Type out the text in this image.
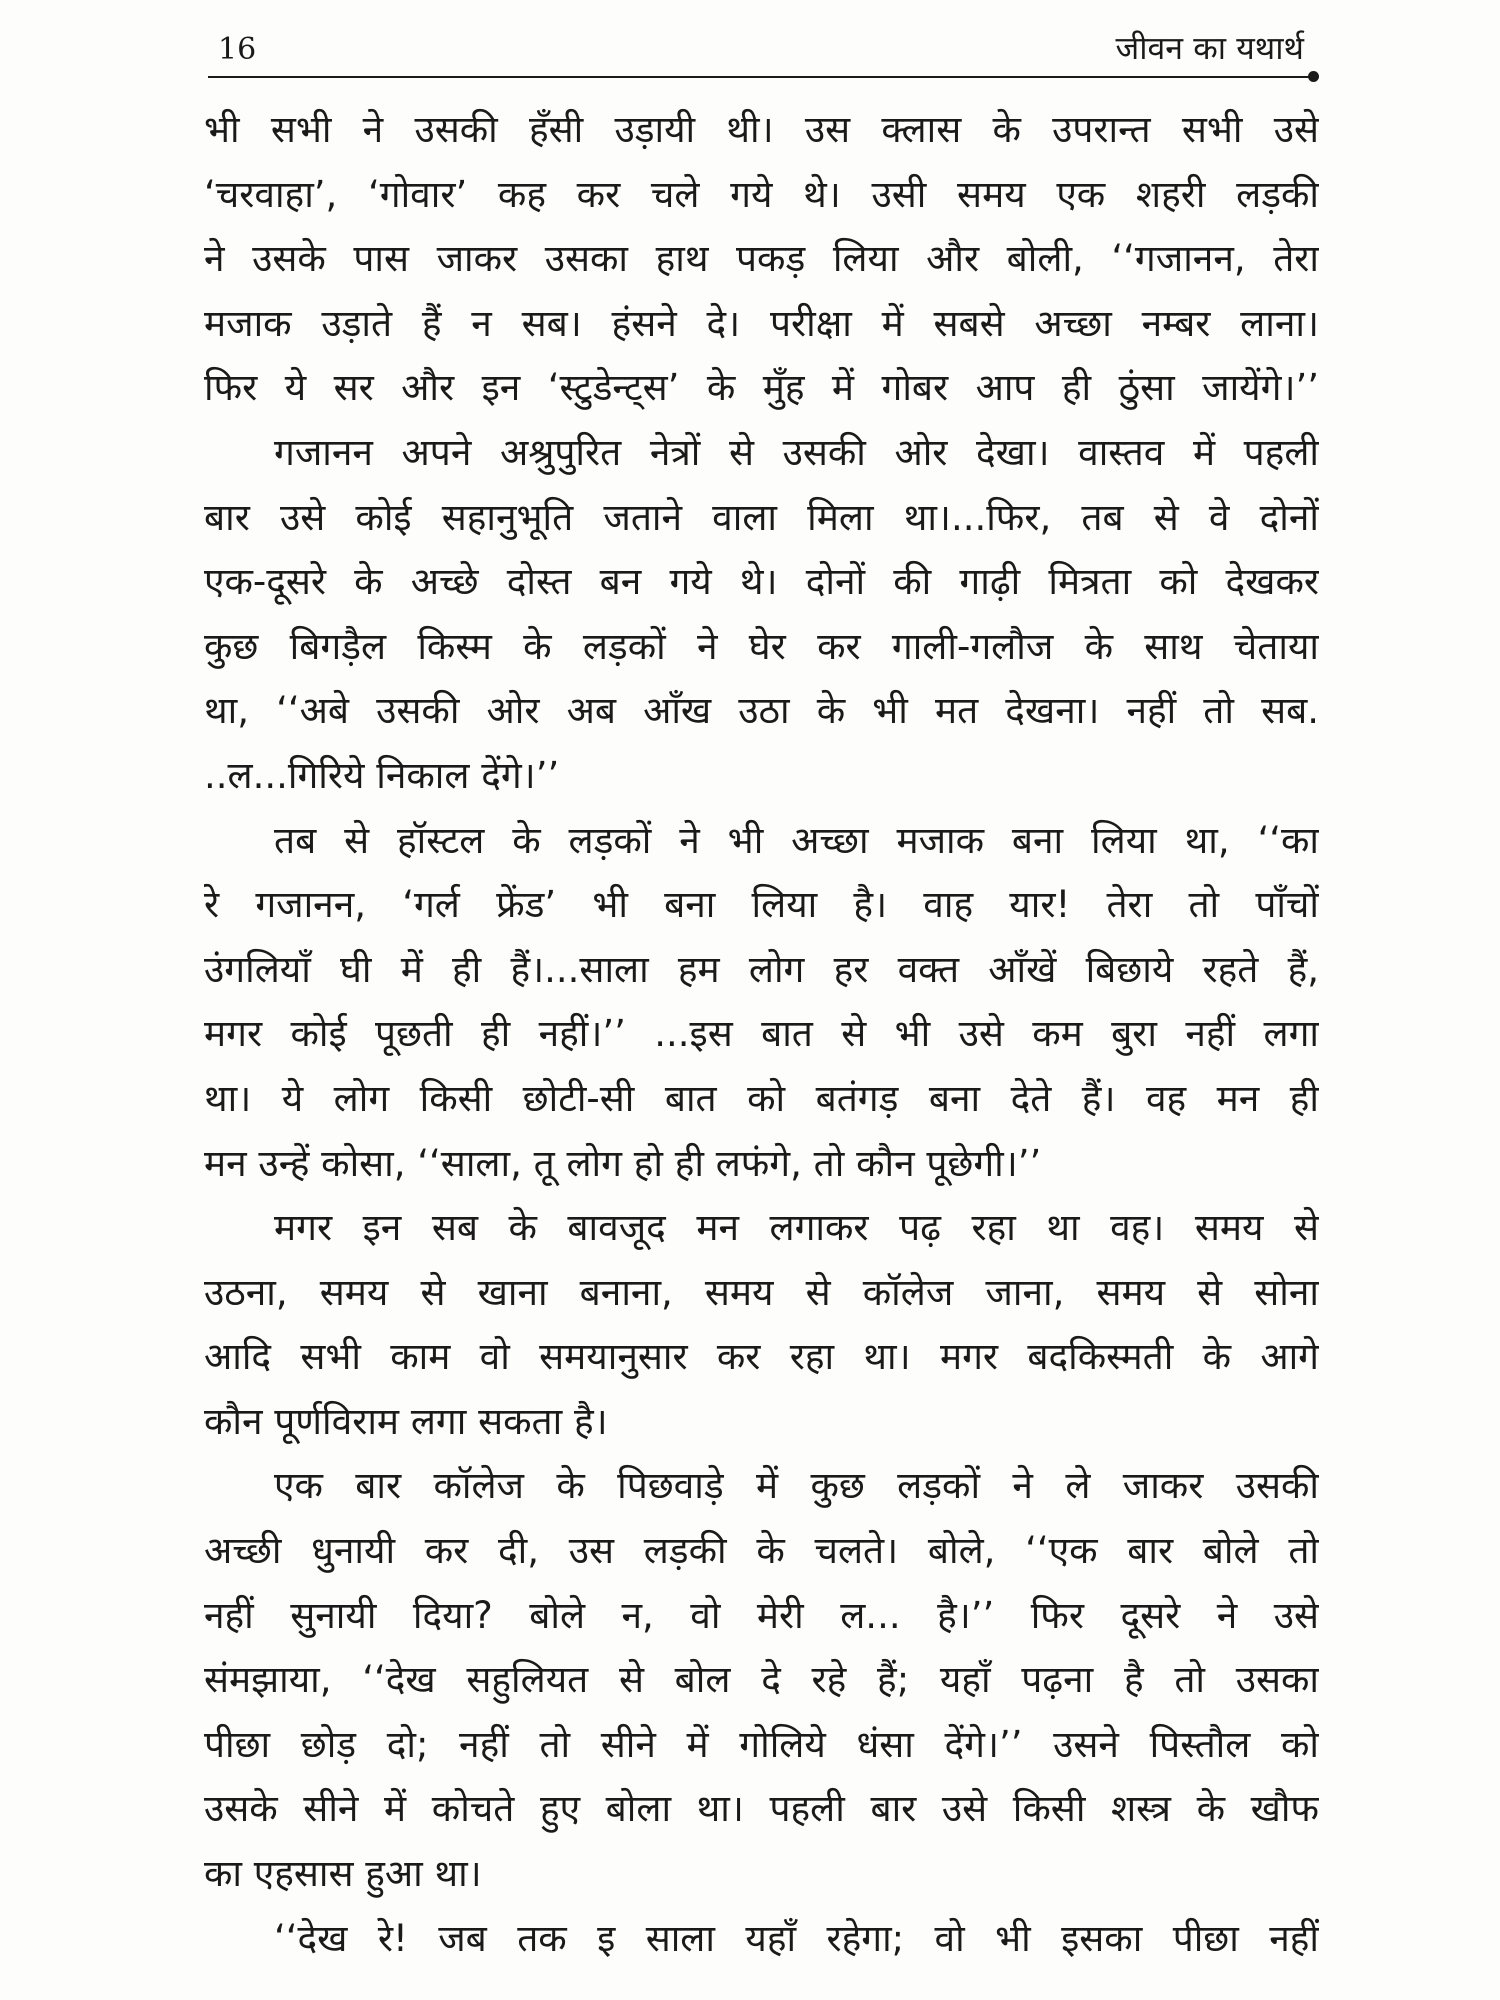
16	जीवन का यथार्थ
भी सभी ने उसकी हँसी उड़ायी थी। उस क्लास के उपरान्त सभी उसे
‘चरवाहा’, ‘गोवार’ कह कर चले गये थे। उसी समय एक शहरी लड़की
ने उसके पास जाकर उसका हाथ पकड़ लिया और बोली, ‘‘गजानन, तेरा
मजाक उड़ाते हैं न सब। हंसने दे। परीक्षा में सबसे अच्छा नम्बर लाना।
फिर ये सर और इन ‘स्टुडेन्ट्स’ के मुँह में गोबर आप ही ठुंसा जायेंगे।’’
गजानन अपने अश्रुपुरित नेत्रों से उसकी ओर देखा। वास्तव में पहली
बार उसे कोई सहानुभूति जताने वाला मिला था।...फिर, तब से वे दोनों
एक-दूसरे के अच्छे दोस्त बन गये थे। दोनों की गाढ़ी मित्रता को देखकर
कुछ बिगड़ैल किस्म के लड़कों ने घेर कर गाली-गलौज के साथ चेताया
था, ‘‘अबे उसकी ओर अब आँख उठा के भी मत देखना। नहीं तो सब.
..ल...गिरिये निकाल देंगे।’’
तब से हॉस्टल के लड़कों ने भी अच्छा मजाक बना लिया था, ‘‘का
रे गजानन, ‘गर्ल फ्रेंड’ भी बना लिया है। वाह यार! तेरा तो पाँचों
उंगलियाँ घी में ही हैं।...साला हम लोग हर वक्त आँखें बिछाये रहते हैं,
मगर कोई पूछती ही नहीं।’’ ...इस बात से भी उसे कम बुरा नहीं लगा
था। ये लोग किसी छोटी-सी बात को बतंगड़ बना देते हैं। वह मन ही
मन उन्हें कोसा, ‘‘साला, तू लोग हो ही लफंगे, तो कौन पूछेगी।’’
मगर इन सब के बावजूद मन लगाकर पढ़ रहा था वह। समय से
उठना, समय से खाना बनाना, समय से कॉलेज जाना, समय से सोना
आदि सभी काम वो समयानुसार कर रहा था। मगर बदकिस्मती के आगे
कौन पूर्णविराम लगा सकता है।
एक बार कॉलेज के पिछवाड़े में कुछ लड़कों ने ले जाकर उसकी
अच्छी धुनायी कर दी, उस लड़की के चलते। बोले, ‘‘एक बार बोले तो
नहीं सुनायी दिया? बोले न, वो मेरी ल... है।’’ फिर दूसरे ने उसे
संमझाया, ‘‘देख सहुलियत से बोल दे रहे हैं; यहाँ पढ़ना है तो उसका
पीछा छोड़ दो; नहीं तो सीने में गोलिये धंसा देंगे।’’ उसने पिस्तौल को
उसके सीने में कोचते हुए बोला था। पहली बार उसे किसी शस्त्र के खौफ
का एहसास हुआ था।
‘‘देख रे! जब तक इ साला यहाँ रहेगा; वो भी इसका पीछा नहीं
